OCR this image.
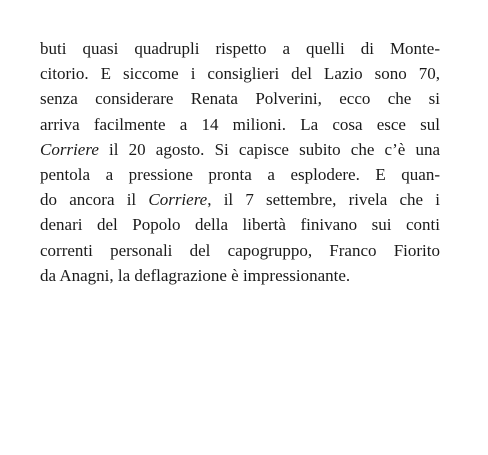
buti quasi quadrupli rispetto a quelli di Monte-
citorio. E siccome i consiglieri del Lazio sono 70,
senza considerare Renata Polverini, ecco che si
arriva facilmente a 14 milioni. La cosa esce sul
Corriere il 20 agosto. Si capisce subito che c’è una
pentola a pressione pronta a esplodere. E quan-
do ancora il Corriere, il 7 settembre, rivela che i
denari del Popolo della libertà finivano sui conti
correnti personali del capogruppo, Franco Fiorito
da Anagni, la deflagrazione è impressionante.
